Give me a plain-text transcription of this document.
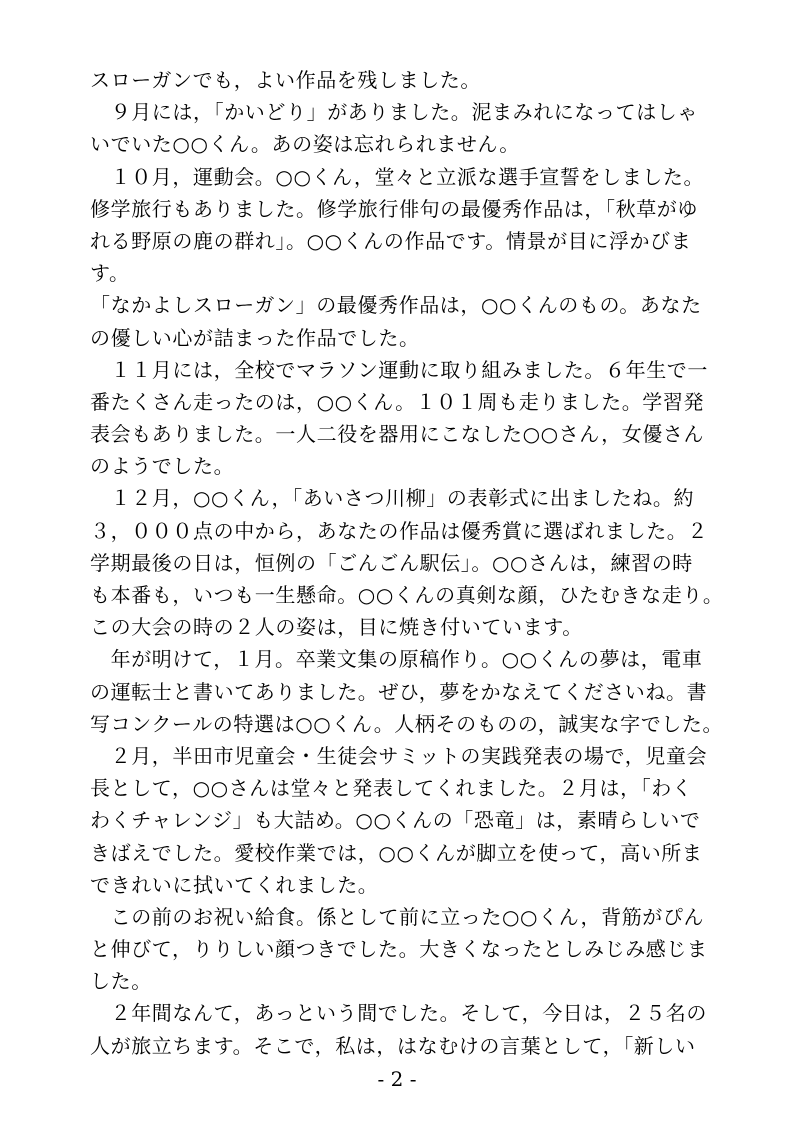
スローガンでも，よい作品を残しました。
　９月には，「かいどり」がありました。泥まみれになってはしゃ
いでいた○○くん。あの姿は忘れられません。
　１０月，運動会。○○くん，堂々と立派な選手宣誓をしました。
修学旅行もありました。修学旅行俳句の最優秀作品は，「秋草がゆ
れる野原の鹿の群れ」。○○くんの作品です。情景が目に浮かびま
す。
「なかよしスローガン」の最優秀作品は，○○くんのもの。あなた
の優しい心が詰まった作品でした。
　１１月には，全校でマラソン運動に取り組みました。６年生で一
番たくさん走ったのは，○○くん。１０１周も走りました。学習発
表会もありました。一人二役を器用にこなした○○さん，女優さん
のようでした。
　１２月，○○くん，「あいさつ川柳」の表彰式に出ましたね。約
３，０００点の中から，あなたの作品は優秀賞に選ばれました。２
学期最後の日は，恒例の「ごんごん駅伝」。○○さんは，練習の時
も本番も，いつも一生懸命。○○くんの真剣な顔，ひたむきな走り。
この大会の時の２人の姿は，目に焼き付いています。
　年が明けて，１月。卒業文集の原稿作り。○○くんの夢は，電車
の運転士と書いてありました。ぜひ，夢をかなえてくださいね。書
写コンクールの特選は○○くん。人柄そのものの，誠実な字でした。
　２月，半田市児童会・生徒会サミットの実践発表の場で，児童会
長として，○○さんは堂々と発表してくれました。２月は，「わく
わくチャレンジ」も大詰め。○○くんの「恐竜」は，素晴らしいで
きばえでした。愛校作業では，○○くんが脚立を使って，高い所ま
できれいに拭いてくれました。
　この前のお祝い給食。係として前に立った○○くん，背筋がぴん
と伸びて，りりしい顔つきでした。大きくなったとしみじみ感じま
した。
　２年間なんて，あっという間でした。そして，今日は，２５名の
人が旅立ちます。そこで，私は，はなむけの言葉として，「新しい
- 2 -
